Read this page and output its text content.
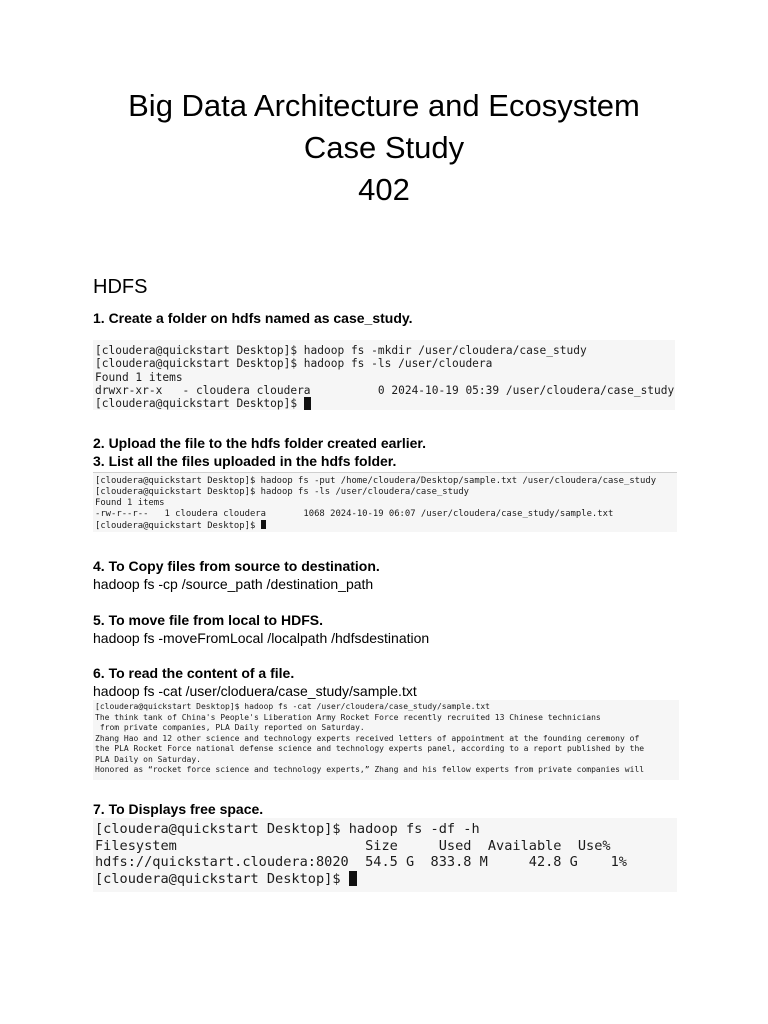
Big Data Architecture and Ecosystem
Case Study
402
HDFS
1. Create a folder on hdfs named as case_study.
[cloudera@quickstart Desktop]$ hadoop fs -mkdir /user/cloudera/case_study
[cloudera@quickstart Desktop]$ hadoop fs -ls /user/cloudera
Found 1 items
drwxr-xr-x   - cloudera cloudera          0 2024-10-19 05:39 /user/cloudera/case_study
[cloudera@quickstart Desktop]$
2. Upload the file to the hdfs folder created earlier.
3. List all the files uploaded in the hdfs folder.
[cloudera@quickstart Desktop]$ hadoop fs -put /home/cloudera/Desktop/sample.txt /user/cloudera/case_study
[cloudera@quickstart Desktop]$ hadoop fs -ls /user/cloudera/case_study
Found 1 items
-rw-r--r--   1 cloudera cloudera       1068 2024-10-19 06:07 /user/cloudera/case_study/sample.txt
[cloudera@quickstart Desktop]$
4. To Copy files from source to destination.
hadoop fs -cp /source_path /destination_path
5. To move file from local to HDFS.
hadoop fs -moveFromLocal /localpath /hdfsdestination
6. To read the content of a file.
hadoop fs -cat /user/cloduera/case_study/sample.txt
[cloudera@quickstart Desktop]$ hadoop fs -cat /user/cloudera/case_study/sample.txt
The think tank of China's People's Liberation Army Rocket Force recently recruited 13 Chinese technicians
from private companies, PLA Daily reported on Saturday.
Zhang Hao and 12 other science and technology experts received letters of appointment at the founding ceremony of
the PLA Rocket Force national defense science and technology experts panel, according to a report published by the
PLA Daily on Saturday.
Honored as “rocket force science and technology experts,” Zhang and his fellow experts from private companies will
7. To Displays free space.
[cloudera@quickstart Desktop]$ hadoop fs -df -h
Filesystem                       Size     Used  Available  Use%
hdfs://quickstart.cloudera:8020  54.5 G  833.8 M     42.8 G    1%
[cloudera@quickstart Desktop]$
